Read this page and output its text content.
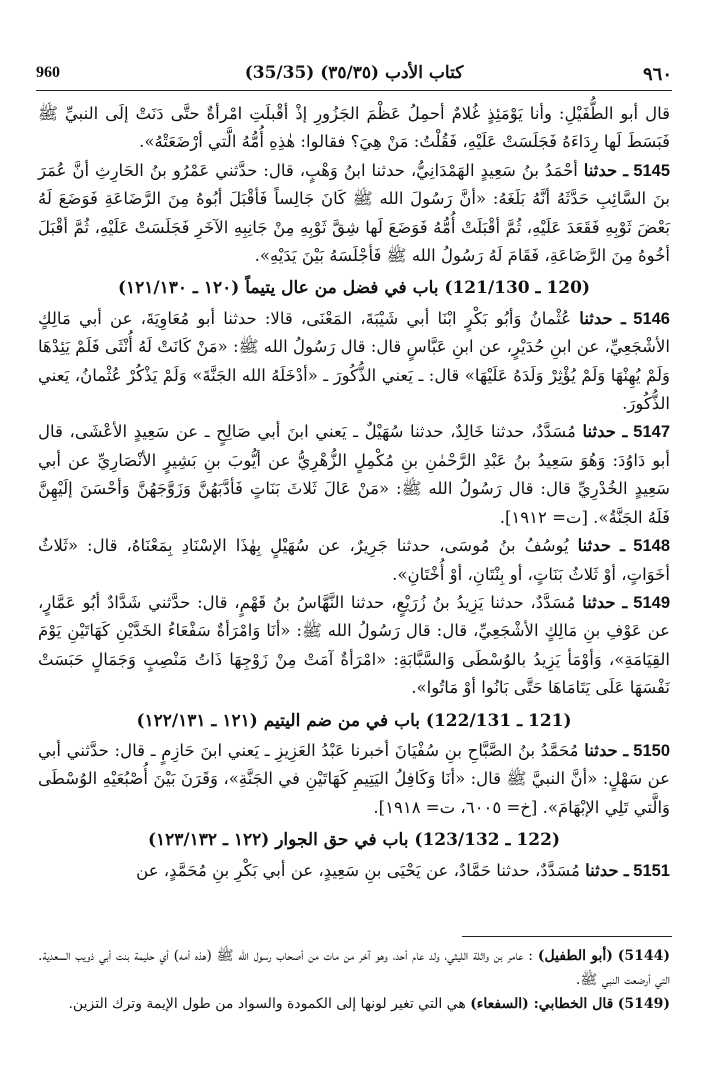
٩٦٠
(35/35) كتاب الأدب (٣٥/٣٥)
960

قال أبو الطُّفَيْلِ: وأنا يَوْمَئِذٍ غُلامٌ أحمِلُ عَظْمَ الجَزُورِ إذْ أقْبلَتِ امْرأةٌ حتَّى دَنَتْ إلَى النبيِّ ﷺ فَبَسَطَ لَها رِدَاءَهُ فَجَلَسَتْ عَلَيْهِ، فَقُلْتُ: مَنْ هِيَ؟ فقالوا: هٰذِهِ أُمُّهُ الَّتي أرْضَعَتْهُ».

5145 ـ حدثنا أحْمَدُ بنُ سَعِيدٍ الهَمْدَانِيُّ، حدثنا ابنُ وَهْبٍ، قال: حدَّثني عَمْرُو بنُ الحَارِثِ أنَّ عُمَرَ بنَ السَّائِبِ حَدَّثَهُ أنَّهُ بَلَغَهُ: «أنَّ رَسُولَ الله ﷺ كَانَ جَالِساً فَأقْبَلَ أبُوهُ مِنَ الرَّضَاعَةِ فَوَضَعَ لَهُ بَعْضَ ثَوْبِهِ فَقَعَدَ عَلَيْهِ، ثُمَّ أقْبَلَتْ أُمُّهُ فَوَضَعَ لَها شِقَّ ثَوْبِهِ مِنْ جَانِبِهِ الآخَرِ فَجَلَسَتْ عَلَيْهِ، ثُمَّ أقْبَلَ أخُوهُ مِنَ الرَّضَاعَةِ، فَقَامَ لَهُ رَسُولُ الله ﷺ فَأجْلَسَهُ بَيْنَ يَدَيْهِ».

(120 ـ 121/130) باب في فضل من عال يتيماً (١٢٠ ـ ١٢١/١٣٠)

5146 ـ حدثنا عُثْمانُ وَأبُو بَكْرٍ ابْنَا أبي شَيْبَةَ، المَعْنَى، قالا: حدثنا أبو مُعَاوِيَةَ، عن أبي مَالِكٍ الأشْجَعِيِّ، عن ابنِ حُدَيْرٍ، عن ابنِ عَبَّاسٍ قال: قال رَسُولُ الله ﷺ: «مَنْ كَانَتْ لَهُ أُنْثَى فَلَمْ يَئِدْهَا وَلَمْ يُهِنْهَا وَلَمْ يُؤْثِرْ وَلَدَهُ عَلَيْهَا» قال: ـ يَعني الذُّكُورَ ـ «أدْخَلَهُ الله الجَنَّةَ» وَلَمْ يَذْكُرْ عُثْمانُ، يَعني الذُّكُورَ.

5147 ـ حدثنا مُسَدَّدٌ، حدثنا خَالِدٌ، حدثنا سُهَيْلٌ ـ يَعني ابنَ أبي صَالِحٍ ـ عن سَعِيدٍ الأعْشَى، قال أبو دَاوُدَ: وَهُوَ سَعِيدُ بنُ عَبْدِ الرَّحْمٰنِ بنِ مُكْمِلٍ الزُّهْرِيُّ عن أيُّوبَ بنِ بَشِيرٍ الأنْصَارِيِّ عن أبي سَعِيدٍ الخُدْرِيِّ قال: قال رَسُولُ الله ﷺ: «مَنْ عَالَ ثَلاثَ بَنَاتٍ فَأدَّبَهُنَّ وَزَوَّجَهُنَّ وَأحْسَنَ إلَيْهِنَّ فَلَهُ الجَنَّةُ». [ت= ١٩١٢].

5148 ـ حدثنا يُوسُفُ بنُ مُوسَى، حدثنا جَرِيرٌ، عن سُهَيْلٍ بِهٰذَا الإسْنَادِ بِمَعْنَاهُ، قال: «ثَلاثُ أخَوَاتٍ، أوْ ثَلاثُ بَنَاتٍ، أو بِنْتَانِ، أوْ أُخْتَانِ».

5149 ـ حدثنا مُسَدَّدٌ، حدثنا يَزِيدُ بنُ زُرَيْعٍ، حدثنا النَّهَّاسُ بنُ قَهْمٍ، قال: حدَّثني شَدَّادٌ أبُو عَمَّارٍ، عن عَوْفِ بنِ مَالِكٍ الأشْجَعِيِّ، قال: قال رَسُولُ الله ﷺ: «أنَا وَامْرَأةٌ سَفْعَاءُ الخَدَّيْنِ كَهَاتَيْنِ يَوْمَ القِيَامَةِ»، وَأوْمَأ يَزِيدُ بالوُسْطَى وَالسَّبَّابَةِ: «امْرَأةٌ آمَتْ مِنْ زَوْجِهَا ذَاتُ مَنْصِبٍ وَجَمَالٍ حَبَسَتْ نَفْسَهَا عَلَى يَتَامَاهَا حَتَّى بَانُوا أوْ مَاتُوا».

(121 ـ 122/131) باب في من ضم اليتيم (١٢١ ـ ١٢٢/١٣١)

5150 ـ حدثنا مُحَمَّدُ بنُ الصَّبَّاحِ بنِ سُفْيَانَ أخبرنا عَبْدُ العَزِيزِ ـ يَعني ابنَ حَازِمٍ ـ قال: حدَّثني أبي عن سَهْلٍ: «أنَّ النبيَّ ﷺ قال: «أنَا وَكَافِلُ اليَتِيمِ كَهَاتَيْنِ في الجَنَّةِ»، وَقَرَنَ بَيْنَ أُصْبُعَيْهِ الوُسْطَى وَالَّتي تَلِي الإبْهَامَ». [خ= ٦٠٠٥، ت= ١٩١٨].

(122 ـ 123/132) باب في حق الجوار (١٢٢ ـ ١٢٣/١٣٢)

5151 ـ حدثنا مُسَدَّدٌ، حدثنا حَمَّادٌ، عن يَحْيَى بنِ سَعِيدٍ، عن أبي بَكْرِ بنِ مُحَمَّدٍ، عن

(5144) (أبو الطفيل) : عامر بن واثلة الليثي، ولد عام أحد، وهو آخر من مات من أصحاب رسول الله ﷺ (هذه أمه) أي حليمة بنت أبي ذويب السعدية. التي أرضعت النبي ﷺ.

(5149) قال الخطابي: (السفعاء) هي التي تغير لونها إلى الكمودة والسواد من طول الإيمة وترك التزين.
